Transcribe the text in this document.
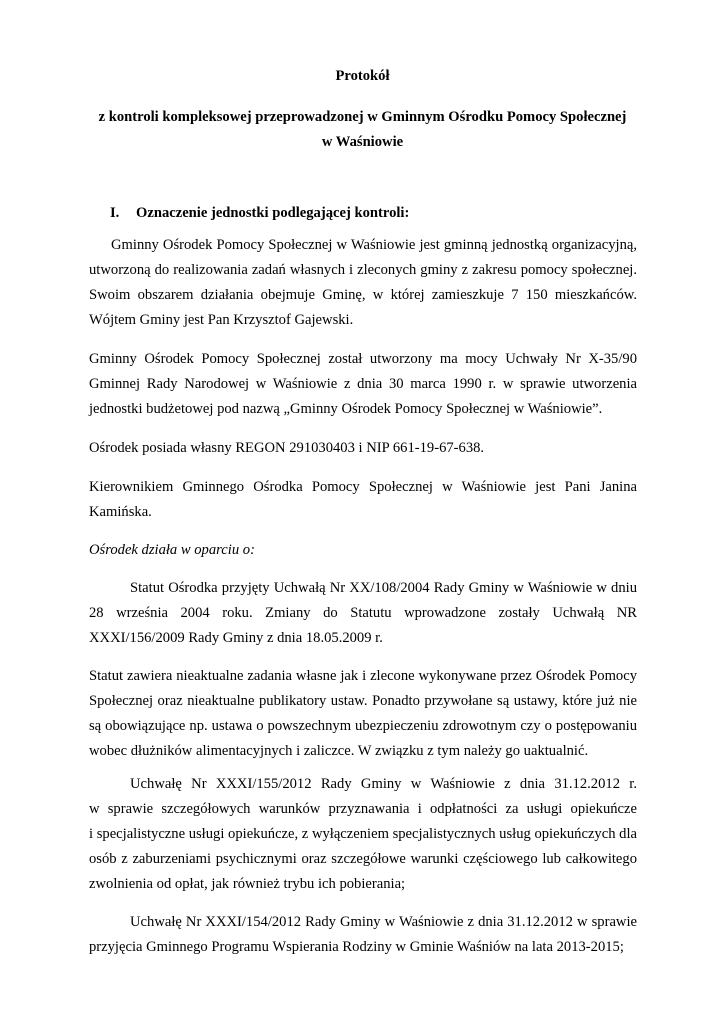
Protokół
z kontroli kompleksowej przeprowadzonej w Gminnym Ośrodku Pomocy Społecznej
w Waśniowie
I. Oznaczenie jednostki podlegającej kontroli:
Gminny Ośrodek Pomocy Społecznej w Waśniowie jest gminną jednostką organizacyjną,
utworzoną do realizowania zadań własnych i zleconych gminy z zakresu pomocy społecznej.
Swoim obszarem działania obejmuje Gminę, w której zamieszkuje 7 150 mieszkańców.
Wójtem Gminy jest Pan Krzysztof Gajewski.
Gminny Ośrodek Pomocy Społecznej został utworzony ma mocy Uchwały Nr X-35/90
Gminnej Rady Narodowej w Waśniowie z dnia 30 marca 1990 r. w sprawie utworzenia
jednostki budżetowej pod nazwą „Gminny Ośrodek Pomocy Społecznej w Waśniowie”.
Ośrodek posiada własny REGON 291030403 i NIP 661-19-67-638.
Kierownikiem Gminnego Ośrodka Pomocy Społecznej w Waśniowie jest Pani Janina
Kamińska.
Ośrodek działa w oparciu o:
Statut Ośrodka przyjęty Uchwałą Nr XX/108/2004 Rady Gminy w Waśniowie w dniu
28 września 2004 roku. Zmiany do Statutu wprowadzone zostały Uchwałą NR
XXXI/156/2009 Rady Gminy z dnia 18.05.2009 r.
Statut zawiera nieaktualne zadania własne jak i zlecone wykonywane przez Ośrodek Pomocy
Społecznej oraz nieaktualne publikatory ustaw. Ponadto przywołane są ustawy, które już nie
są obowiązujące np. ustawa o powszechnym ubezpieczeniu zdrowotnym czy o postępowaniu
wobec dłużników alimentacyjnych i zaliczce. W związku z tym należy go uaktualnić.
Uchwałę Nr XXXI/155/2012 Rady Gminy w Waśniowie z dnia 31.12.2012 r.
w sprawie szczegółowych warunków przyznawania i odpłatności za usługi opiekuńcze
i specjalistyczne usługi opiekuńcze, z wyłączeniem specjalistycznych usług opiekuńczych dla
osób z zaburzeniami psychicznymi oraz szczegółowe warunki częściowego lub całkowitego
zwolnienia od opłat, jak również trybu ich pobierania;
Uchwałę Nr XXXI/154/2012 Rady Gminy w Waśniowie z dnia 31.12.2012 w sprawie
przyjęcia Gminnego Programu Wspierania Rodziny w Gminie Waśniów na lata 2013-2015;
